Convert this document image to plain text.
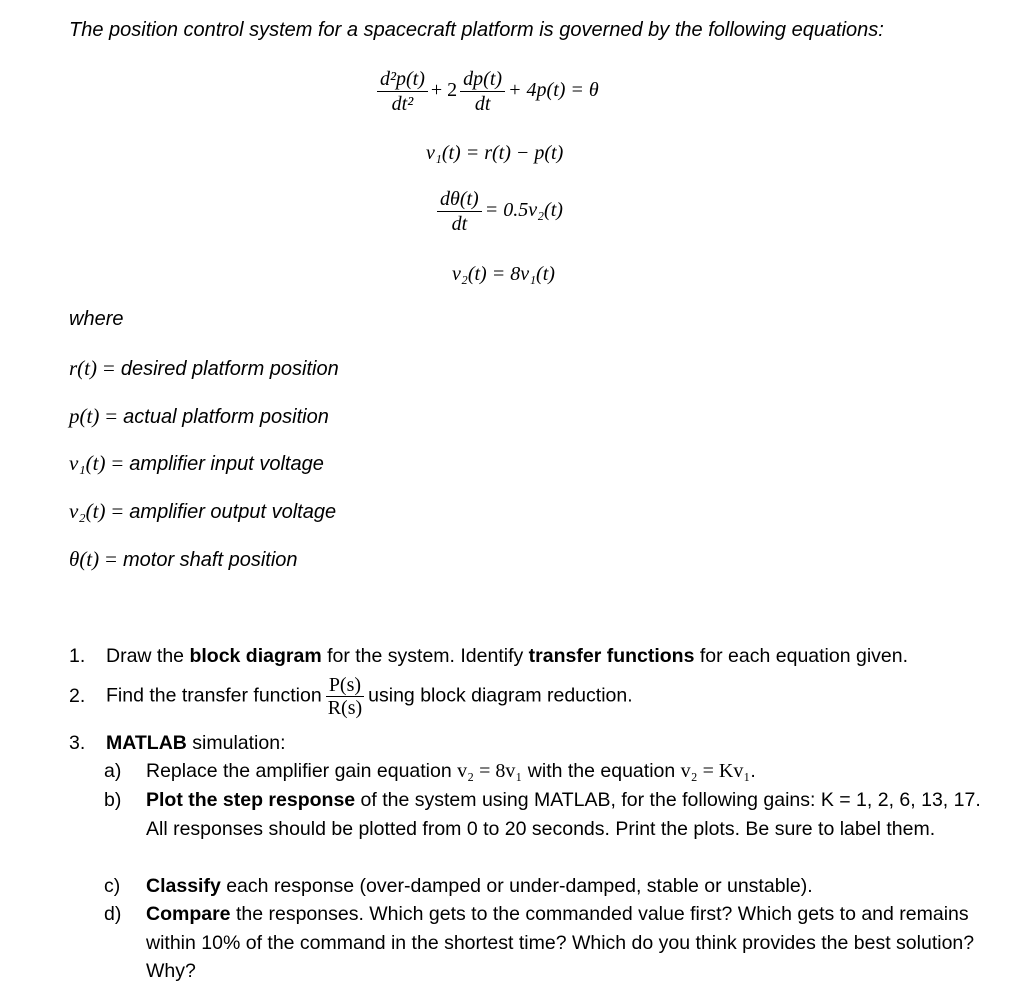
The position control system for a spacecraft platform is governed by the following equations:
$\frac{\text{d²p(t)}}{\text{dt²}} + 2 \frac{dp(t)}{dt} + 4p(t) = \theta$
v₁(t) = r(t) − p(t)
$\frac{d\theta(t)}{dt} = 0.5v_2(t)$
v₂(t) = 8v₁(t)
where
r(t) = desired platform position
p(t) = actual platform position
v₁(t) = amplifier input voltage
v₂(t) = amplifier output voltage
θ(t) = motor shaft position
1. Draw the block diagram for the system. Identify transfer functions for each equation given.
2. Find the transfer function $\frac{P(s)}{R(s)}$ using block diagram reduction.
3. MATLAB simulation:
a) Replace the amplifier gain equation v₂ = 8v₁ with the equation v₂ = Kv₁.
b) Plot the step response of the system using MATLAB, for the following gains: K = 1, 2, 6, 13, 17. All responses should be plotted from 0 to 20 seconds. Print the plots. Be sure to label them.
c) Classify each response (over-damped or under-damped, stable or unstable).
d) Compare the responses. Which gets to the commanded value first? Which gets to and remains within 10% of the command in the shortest time? Which do you think provides the best solution? Why?
